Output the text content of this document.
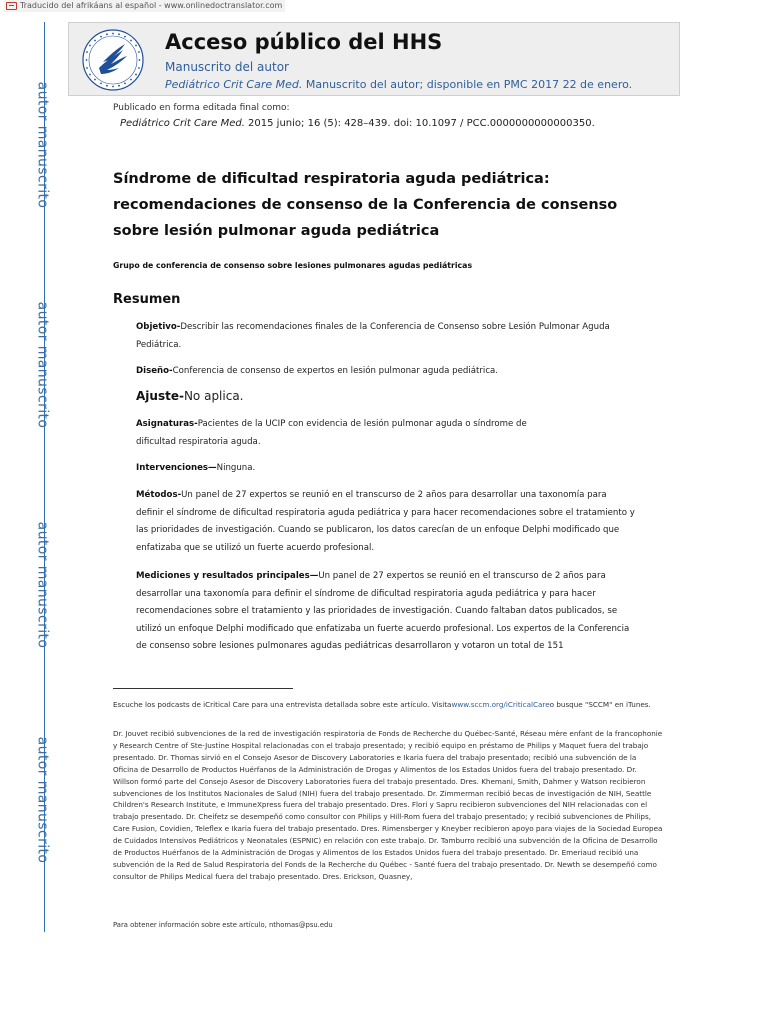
Traducido del afrikáans al español - www.onlinedoctranslator.com
autor manuscrito
autor manuscrito
autor manuscrito
autor manuscrito
Acceso público del HHS
Manuscrito del autor
Pediátrico Crit Care Med. Manuscrito del autor; disponible en PMC 2017 22 de enero.
Publicado en forma editada final como:
Pediátrico Crit Care Med. 2015 junio; 16 (5): 428–439. doi: 10.1097 / PCC.0000000000000350.
Síndrome de dificultad respiratoria aguda pediátrica: recomendaciones de consenso de la Conferencia de consenso sobre lesión pulmonar aguda pediátrica
Grupo de conferencia de consenso sobre lesiones pulmonares agudas pediátricas
Resumen
Objetivo-Describir las recomendaciones finales de la Conferencia de Consenso sobre Lesión Pulmonar Aguda Pediátrica.
Diseño-Conferencia de consenso de expertos en lesión pulmonar aguda pediátrica.
Ajuste-No aplica.
Asignaturas-Pacientes de la UCIP con evidencia de lesión pulmonar aguda o síndrome de dificultad respiratoria aguda.
Intervenciones—Ninguna.
Métodos-Un panel de 27 expertos se reunió en el transcurso de 2 años para desarrollar una taxonomía para definir el síndrome de dificultad respiratoria aguda pediátrica y para hacer recomendaciones sobre el tratamiento y las prioridades de investigación. Cuando se publicaron, los datos carecían de un enfoque Delphi modificado que enfatizaba que se utilizó un fuerte acuerdo profesional.
Mediciones y resultados principales—Un panel de 27 expertos se reunió en el transcurso de 2 años para desarrollar una taxonomía para definir el síndrome de dificultad respiratoria aguda pediátrica y para hacer recomendaciones sobre el tratamiento y las prioridades de investigación. Cuando faltaban datos publicados, se utilizó un enfoque Delphi modificado que enfatizaba un fuerte acuerdo profesional. Los expertos de la Conferencia de consenso sobre lesiones pulmonares agudas pediátricas desarrollaron y votaron un total de 151
Escuche los podcasts de iCritical Care para una entrevista detallada sobre este artículo. Visitawww.sccm.org/iCriticalCareo busque "SCCM" en iTunes.
Dr. Jouvet recibió subvenciones de la red de investigación respiratoria de Fonds de Recherche du Québec-Santé, Réseau mère enfant de la francophonie y Research Centre of Ste-Justine Hospital relacionadas con el trabajo presentado; y recibió equipo en préstamo de Philips y Maquet fuera del trabajo presentado. Dr. Thomas sirvió en el Consejo Asesor de Discovery Laboratories e Ikaria fuera del trabajo presentado; recibió una subvención de la Oficina de Desarrollo de Productos Huérfanos de la Administración de Drogas y Alimentos de los Estados Unidos fuera del trabajo presentado. Dr. Willson formó parte del Consejo Asesor de Discovery Laboratories fuera del trabajo presentado. Dres. Khemani, Smith, Dahmer y Watson recibieron subvenciones de los Institutos Nacionales de Salud (NIH) fuera del trabajo presentado. Dr. Zimmerman recibió becas de investigación de NIH, Seattle Children's Research Institute, e ImmuneXpress fuera del trabajo presentado. Dres. Flori y Sapru recibieron subvenciones del NIH relacionadas con el trabajo presentado. Dr. Cheifetz se desempeñó como consultor con Philips y Hill-Rom fuera del trabajo presentado; y recibió subvenciones de Philips, Care Fusion, Covidien, Teleflex e Ikaria fuera del trabajo presentado. Dres. Rimensberger y Kneyber recibieron apoyo para viajes de la Sociedad Europea de Cuidados Intensivos Pediátricos y Neonatales (ESPNIC) en relación con este trabajo. Dr. Tamburro recibió una subvención de la Oficina de Desarrollo de Productos Huérfanos de la Administración de Drogas y Alimentos de los Estados Unidos fuera del trabajo presentado. Dr. Emeriaud recibió una subvención de la Red de Salud Respiratoria del Fonds de la Recherche du Québec - Santé fuera del trabajo presentado. Dr. Newth se desempeñó como consultor de Philips Medical fuera del trabajo presentado. Dres. Erickson, Quasney,
Para obtener información sobre este artículo, nthomas@psu.edu
